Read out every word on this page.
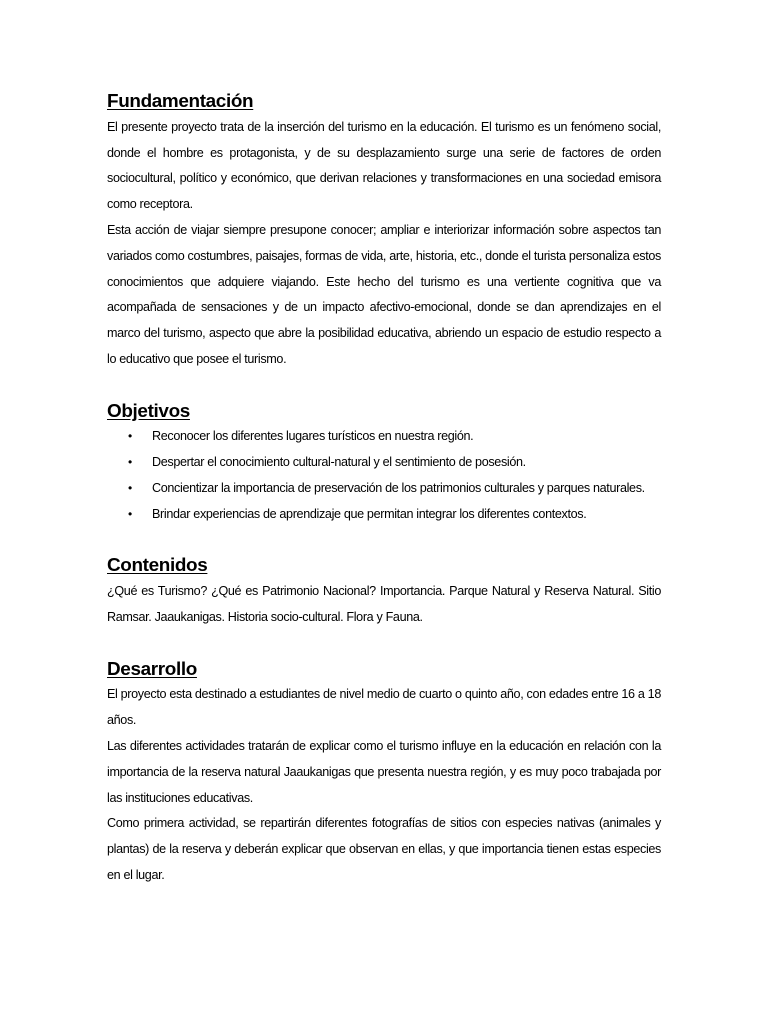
Fundamentación

El presente proyecto trata de la inserción del turismo en la educación. El turismo es un fenómeno social, donde el hombre es protagonista, y de su desplazamiento surge una serie de factores de orden sociocultural, político y económico, que derivan relaciones y transformaciones en una sociedad emisora como receptora.

Esta acción de viajar siempre presupone conocer; ampliar e interiorizar información sobre aspectos tan variados como costumbres, paisajes, formas de vida, arte, historia, etc., donde el turista personaliza estos conocimientos que adquiere viajando. Este hecho del turismo es una vertiente cognitiva que va acompañada de sensaciones y de un impacto afectivo-emocional, donde se dan aprendizajes en el marco del turismo, aspecto que abre la posibilidad educativa, abriendo un espacio de estudio respecto a lo educativo que posee el turismo.

Objetivos
• Reconocer los diferentes lugares turísticos en nuestra región.
• Despertar el conocimiento cultural-natural y el sentimiento de posesión.
• Concientizar la importancia de preservación de los patrimonios culturales y parques naturales.
• Brindar experiencias de aprendizaje que permitan integrar los diferentes contextos.
Contenidos

¿Qué es Turismo? ¿Qué es Patrimonio Nacional? Importancia. Parque Natural y Reserva Natural. Sitio Ramsar. Jaaukanigas. Historia socio-cultural. Flora y Fauna.

Desarrollo

El proyecto esta destinado a estudiantes de nivel medio de cuarto o quinto año, con edades entre 16 a 18 años.

Las diferentes actividades tratarán de explicar como el turismo influye en la educación en relación con la importancia de la reserva natural Jaaukanigas que presenta nuestra región, y es muy poco trabajada por las instituciones educativas.

Como primera actividad, se repartirán diferentes fotografías de sitios con especies nativas (animales y plantas) de la reserva y deberán explicar que observan en ellas, y que importancia tienen estas especies en el lugar.
